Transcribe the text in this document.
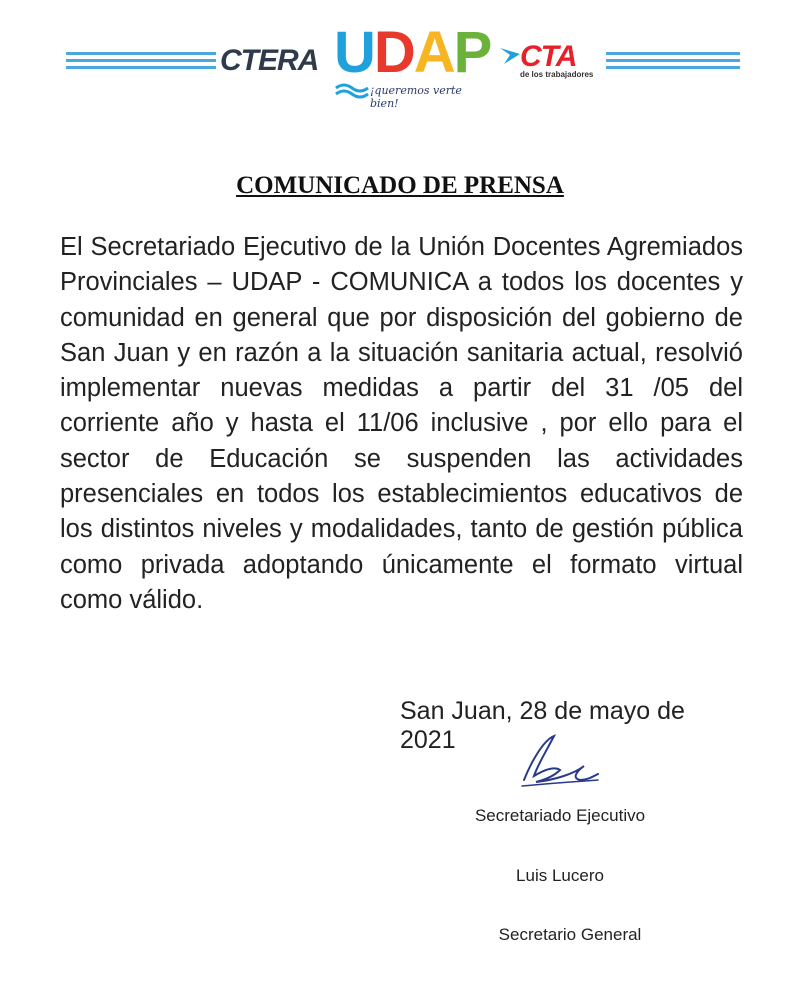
CTERA UDAP
¡queremos verte bien!
CTA
de los trabajadores
COMUNICADO DE PRENSA
El Secretariado Ejecutivo de la Unión Docentes Agremiados Provinciales – UDAP - COMUNICA a todos los docentes y comunidad en general que por disposición del gobierno de San Juan y en razón a la situación sanitaria actual, resolvió implementar nuevas medidas a partir del 31 /05 del corriente año y hasta el 11/06 inclusive , por ello para el sector de Educación se suspenden las actividades presenciales en todos los establecimientos educativos de los distintos niveles y modalidades, tanto de gestión pública como privada adoptando únicamente el formato virtual como válido.
San Juan, 28 de mayo de 2021
Secretariado Ejecutivo
Luis Lucero
Secretario General
